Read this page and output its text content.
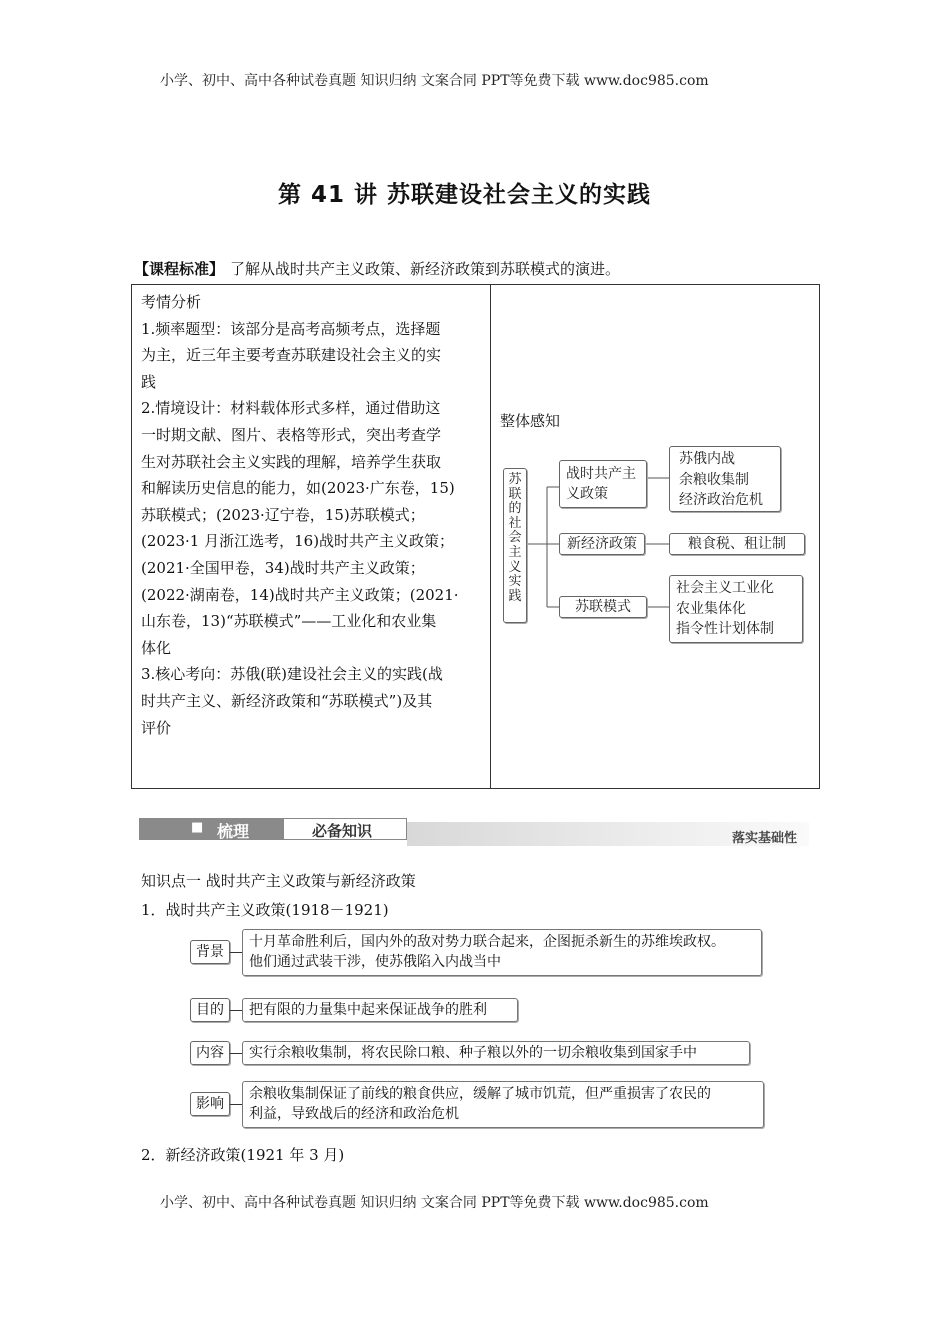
小学、初中、高中各种试卷真题 知识归纳 文案合同 PPT等免费下载 www.doc985.com
第 41 讲 苏联建设社会主义的实践
【课程标准】 了解从战时共产主义政策、新经济政策到苏联模式的演进。
考情分析
1.频率题型：该部分是高考高频考点，选择题
为主，近三年主要考查苏联建设社会主义的实
践
2.情境设计：材料载体形式多样，通过借助这
一时期文献、图片、表格等形式，突出考查学
生对苏联社会主义实践的理解，培养学生获取
和解读历史信息的能力，如(2023·广东卷，15)
苏联模式；(2023·辽宁卷，15)苏联模式；
(2023·1 月浙江选考，16)战时共产主义政策；
(2021·全国甲卷，34)战时共产主义政策；
(2022·湖南卷，14)战时共产主义政策；(2021·
山东卷，13)“苏联模式”——工业化和农业集
体化
3.核心考向：苏俄(联)建设社会主义的实践(战
时共产主义、新经济政策和“苏联模式”)及其
评价

整体感知
苏联的社会主义实践
战时共产主
义政策
苏俄内战
余粮收集制
经济政治危机
新经济政策	粮食税、租让制
苏联模式
社会主义工业化
农业集体化
指令性计划体制
■ 梳理	必备知识	落实基础性
知识点一 战时共产主义政策与新经济政策
1．战时共产主义政策(1918－1921)
背景
十月革命胜利后，国内外的敌对势力联合起来，企图扼杀新生的苏维埃政权。
他们通过武装干涉，使苏俄陷入内战当中
目的	把有限的力量集中起来保证战争的胜利
内容	实行余粮收集制，将农民除口粮、种子粮以外的一切余粮收集到国家手中
影响
余粮收集制保证了前线的粮食供应，缓解了城市饥荒，但严重损害了农民的
利益，导致战后的经济和政治危机
2．新经济政策(1921 年 3 月)
小学、初中、高中各种试卷真题 知识归纳 文案合同 PPT等免费下载 www.doc985.com
